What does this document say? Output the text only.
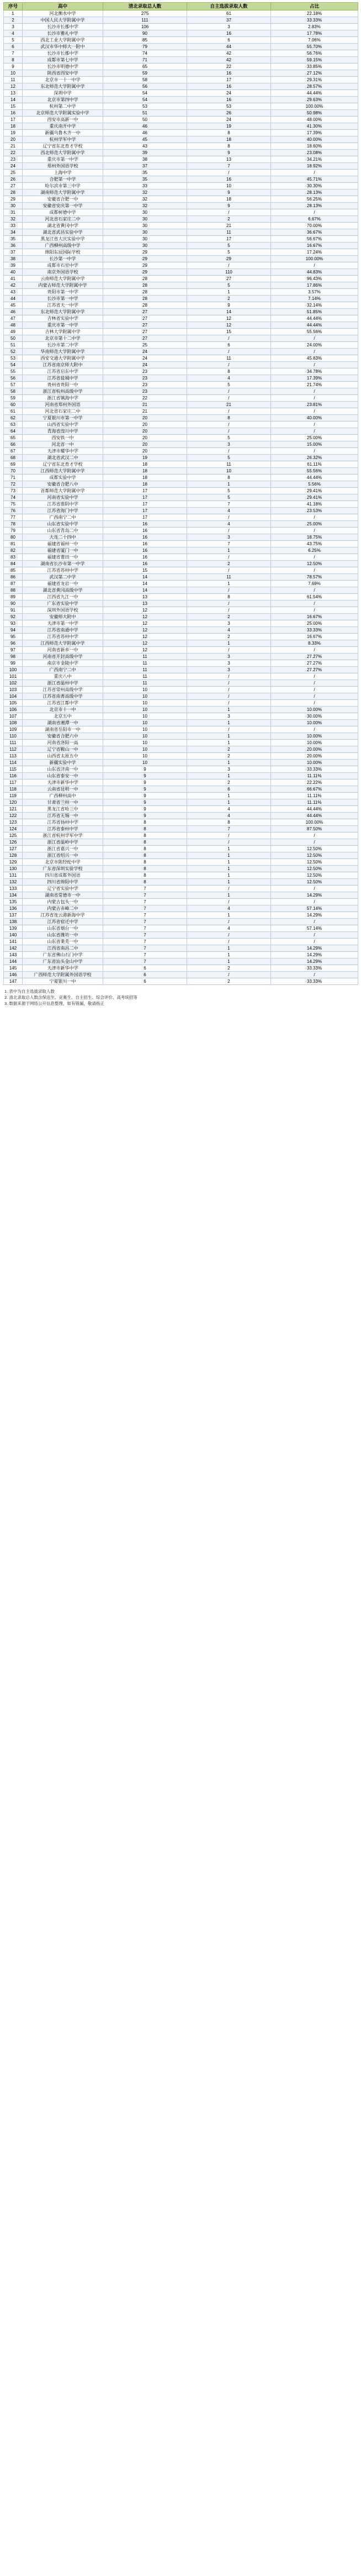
序号	高中	清北录取总人数	自主选拔录取人数	占比
1	河北衡水中学	275	61	22.18%
2	中国人民大学附属中学	111	37	33.33%
3	长沙市长郡中学	106	3	2.83%
4	长沙市雅礼中学	90	16	17.78%
5	西北工业大学附属中学	85	6	7.06%
6	武汉市华中师大一附中	79	44	55.70%
7	长沙市长郡中学	74	42	56.76%
8	成都市第七中学	71	42	59.15%
9	长沙市明德中学	65	22	33.85%
10	陕西省西安中学	59	16	27.12%
11	北京市一十一中学	58	17	29.31%
12	东北师范大学附属中学	56	16	28.57%
13	深圳中学	54	24	44.44%
14	北京市第四中学	54	16	29.63%
15	杭州第二中学	53	53	100.00%
16	北京师范大学附属实验中学	51	26	50.98%
17	西安市高新一中	50	24	48.00%
18	重庆南开中学	46	19	41.30%
19	新疆乌鲁木齐一中	46	8	17.39%
20	杭州学军中学	45	18	40.00%
21	辽宁省东北育才学校	43	8	18.60%
22	西北师范大学附属中学	39	9	23.08%
23	重庆市第一中学	38	13	34.21%
24	郑州外国语学校	37	7	18.92%
25	上海中学	35	/	/
26	合肥第一中学	35	16	45.71%
27	哈尔滨市第三中学	33	10	30.30%
28	湖南师范大学附属中学	32	9	28.13%
29	安徽省合肥一中	32	18	56.25%
30	安徽省安庆第一中学	32	9	28.13%
31	成都树德中学	30	/	/
32	河北省石家庄二中	30	2	6.67%
33	湖北省黄冈中学	30	21	70.00%
34	湖北省武昌实验中学	30	11	36.67%
35	黑龙江省大庆实验中学	30	17	56.67%
36	广西柳州高级中学	30	5	16.67%
37	绵阳东辰国际学校	29	5	17.24%
38	长沙第一中学	29	29	100.00%
39	成都市石室中学	29	/	/
40	南京外国语学校	29	110	44.83%
41	云南师范大学附属中学	28	27	96.43%
42	内蒙古师范大学附属中学	28	5	17.86%
43	贵阳市第一中学	28	1	3.57%
44	长沙市第一中学	28	2	7.14%
45	江苏省天一中学	28	9	32.14%
46	东北师范大学附属中学	27	14	51.85%
47	吉林省实验中学	27	12	44.44%
48	重庆市第一中学	27	12	44.44%
49	吉林大学附属中学	27	15	55.56%
50	北京市第十二中学	27	/	/
51	长沙市第二中学	25	6	24.00%
52	华南师范大学附属中学	24	/	/
53	西安交通大学附属中学	24	11	45.83%
54	江苏省南京师大附中	24	/	/
55	江苏省启东中学	23	8	34.78%
56	江苏省盐城中学	23	4	17.39%
57	贵州省贵阳一中	23	5	21.74%
58	浙江省杭州高级中学	23	/	/
59	浙江省镇海中学	22	/	/
60	河南省郑州外国语	21	21	23.81%
61	河北省石家庄二中	21	/	/
62	宁夏银川市第一中学	20	8	40.00%
63	山西省实验中学	20	/	/
64	青海省湟川中学	20	/	/
65	西安铁一中	20	5	25.00%
66	河北省一中	20	3	15.00%
67	天津市耀华中学	20	/	/
68	湖北省武汉二中	19	5	26.32%
69	辽宁省东北育才学校	18	11	61.11%
70	江西师范大学附属中学	18	10	55.56%
71	成都实验中学	18	8	44.44%
72	安徽省合肥八中	18	1	5.56%
73	首都师范大学附属中学	17	5	29.41%
74	河南省实验中学	17	5	29.41%
75	江苏省淮阴中学	17	7	41.18%
76	江苏省海门中学	17	4	23.53%
77	广西南宁二中	17	/	/
78	山东省实验中学	16	4	25.00%
79	山东省青岛二中	16	/	/
80	大连二十四中	16	3	18.75%
81	福建省福州一中	16	7	43.75%
82	福建省厦门一中	16	1	6.25%
83	福建省莆田一中	16	/	/
84	湖南省长沙市第一中学	16	2	12.50%
85	江苏省苏州中学	15	/	/
86	武汉第二中学	14	11	78.57%
87	福建省龙岩一中	14	1	7.69%
88	湖北省黄冈高级中学	14	/	/
89	江西省九江一中	13	8	61.54%
90	广东省实验中学	13	/	/
91	深圳外国语学校	12	/	/
92	安徽师大附中	12	2	16.67%
93	天津市第一中学	12	3	25.00%
94	江苏省南通中学	12	4	33.33%
95	江苏省苏州中学	12	2	16.67%
96	江西师范大学附属中学	12	1	8.33%
97	河南省新乡一中	12	/	/
98	河南省开封高级中学	11	3	27.27%
99	南京市金陵中学	11	3	27.27%
100	广西南宁二中	11	3	27.27%
101	重庆八中	11	/	/
102	浙江省温州中学	11	/	/
103	江苏省常州高级中学	10	/	/
104	江苏省南菁高级中学	10	/	/
105	江苏省江都中学	10	/	/
106	北京市十一中	10	1	10.00%
107	北京五中	10	3	30.00%
108	湖南省湘潭一中	10	1	10.00%
109	湖南省岳阳市一中	10	/	/
110	安徽省合肥六中	10	1	10.00%
111	河南省洛阳一高	10	1	10.00%
112	辽宁省鞍山一中	10	2	20.00%
113	山西省太原五中	10	2	20.00%
114	新疆实验中学	10	1	10.00%
115	山东省济南一中	9	3	33.33%
116	山东省泰安一中	9	1	11.11%
117	天津市新华中学	9	2	22.22%
118	云南省昆明一中	9	6	66.67%
119	广西柳州高中	9	1	11.11%
120	甘肃省兰州一中	9	1	11.11%
121	黑龙江省哈三中	9	4	44.44%
122	江苏省无锡一中	9	4	44.44%
123	江苏省扬州中学	8	8	100.00%
124	江苏省泰州中学	8	7	87.50%
125	浙江省杭州学军中学	8	/	/
126	浙江省温岭中学	8	/	/
127	浙江省嘉兴一中	8	1	12.50%
128	浙江省绍兴一中	8	1	12.50%
129	北京市陈经纶中学	8	1	12.50%
130	广东省深圳实验学校	8	1	12.50%
131	四川省成都外国语	8	1	12.50%
132	四川省绵阳中学	8	1	12.50%
133	辽宁省实验中学	7	/	/
134	湖南省常德市一中	7	1	14.29%
135	内蒙古包头一中	7	/	/
136	内蒙古赤峰二中	7	4	57.14%
137	江苏省连云港新海中学	7	1	14.29%
138	江苏省宿迁中学	7	/	/
139	山东省烟台一中	7	4	57.14%
140	山东省潍坊一中	7	/	/
141	山东省莱芜一中	7	/	/
142	江西省南昌二中	7	1	14.29%
143	广东省佛山石门中学	7	1	14.29%
144	广东省汕头金山中学	7	1	14.29%
145	天津市新华中学	6	2	33.33%
146	广西师范大学附属外国语学校	6	/	/
147	宁夏银川一中	6	2	33.33%
1. 表中为自主选拔录取人数
2. 清北录取总人数含保送生、竞赛生、自主招生、综合评价、高考统招等
3. 数据来源于网络公开信息整理，如有错漏，敬请指正
